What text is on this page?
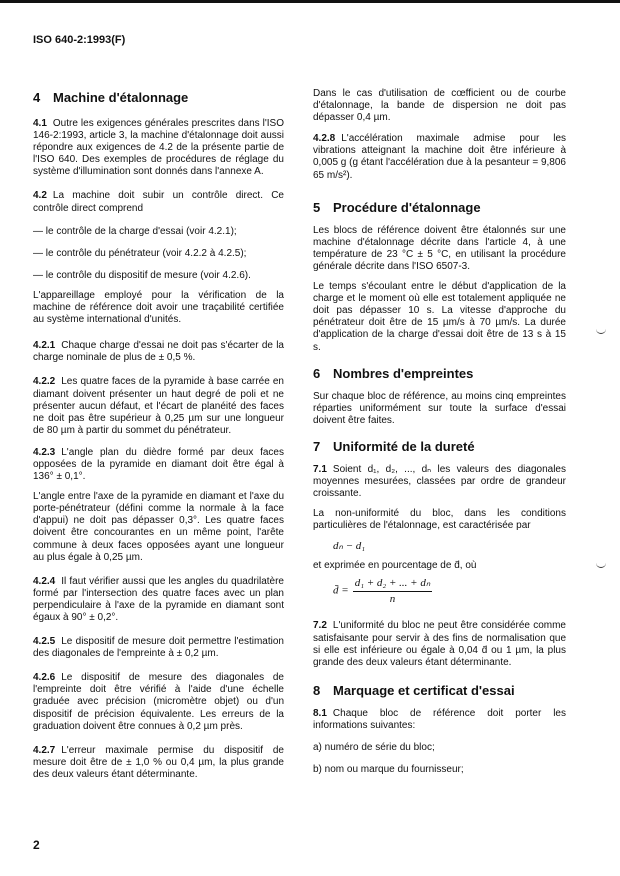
ISO 640-2:1993(F)
4 Machine d'étalonnage
4.1 Outre les exigences générales prescrites dans l'ISO 146-2:1993, article 3, la machine d'étalonnage doit aussi répondre aux exigences de 4.2 de la présente partie de l'ISO 640. Des exemples de procédures de réglage du système d'illumination sont donnés dans l'annexe A.
4.2 La machine doit subir un contrôle direct. Ce contrôle direct comprend
— le contrôle de la charge d'essai (voir 4.2.1);
— le contrôle du pénétrateur (voir 4.2.2 à 4.2.5);
— le contrôle du dispositif de mesure (voir 4.2.6).
L'appareillage employé pour la vérification de la machine de référence doit avoir une traçabilité certifiée au système international d'unités.
4.2.1 Chaque charge d'essai ne doit pas s'écarter de la charge nominale de plus de ± 0,5 %.
4.2.2 Les quatre faces de la pyramide à base carrée en diamant doivent présenter un haut degré de poli et ne présenter aucun défaut, et l'écart de planéité des faces ne doit pas être supérieur à 0,25 µm sur une longueur de 80 µm à partir du sommet du pénétrateur.
4.2.3 L'angle plan du dièdre formé par deux faces opposées de la pyramide en diamant doit être égal à 136° ± 0,1°.
L'angle entre l'axe de la pyramide en diamant et l'axe du porte-pénétrateur (défini comme la normale à la face d'appui) ne doit pas dépasser 0,3°. Les quatre faces doivent être concourantes en un même point, l'arête commune à deux faces opposées ayant une longueur au plus égale à 0,25 µm.
4.2.4 Il faut vérifier aussi que les angles du quadrilatère formé par l'intersection des quatre faces avec un plan perpendiculaire à l'axe de la pyramide en diamant sont égaux à 90° ± 0,2°.
4.2.5 Le dispositif de mesure doit permettre l'estimation des diagonales de l'empreinte à ± 0,2 µm.
4.2.6 Le dispositif de mesure des diagonales de l'empreinte doit être vérifié à l'aide d'une échelle graduée avec précision (micromètre objet) ou d'un dispositif de précision équivalente. Les erreurs de la graduation doivent être connues à 0,2 µm près.
4.2.7 L'erreur maximale permise du dispositif de mesure doit être de ± 1,0 % ou 0,4 µm, la plus grande des deux valeurs étant déterminante.
2
Dans le cas d'utilisation de cœfficient ou de courbe d'étalonnage, la bande de dispersion ne doit pas dépasser 0,4 µm.
4.2.8 L'accélération maximale admise pour les vibrations atteignant la machine doit être inférieure à 0,005 g (g étant l'accélération due à la pesanteur = 9,806 65 m/s²).
5 Procédure d'étalonnage
Les blocs de référence doivent être étalonnés sur une machine d'étalonnage décrite dans l'article 4, à une température de 23 °C ± 5 °C, en utilisant la procédure générale décrite dans l'ISO 6507-3.
Le temps s'écoulant entre le début d'application de la charge et le moment où elle est totalement appliquée ne doit pas dépasser 10 s. La vitesse d'approche du pénétrateur doit être de 15 µm/s à 70 µm/s. La durée d'application de la charge d'essai doit être de 13 s à 15 s.
6 Nombres d'empreintes
Sur chaque bloc de référence, au moins cinq empreintes réparties uniformément sur toute la surface d'essai doivent être faites.
7 Uniformité de la dureté
7.1 Soient d₁, d₂, ..., dₙ les valeurs des diagonales moyennes mesurées, classées par ordre de grandeur croissante.
La non-uniformité du bloc, dans les conditions particulières de l'étalonnage, est caractérisée par
dₙ − d₁
et exprimée en pourcentage de d̄, où
d̄ = $\frac{\text{d₁ + d₂ + ... + dₙ}}{n}$
7.2 L'uniformité du bloc ne peut être considérée comme satisfaisante pour servir à des fins de normalisation que si elle est inférieure ou égale à 0,04 d̄ ou 1 µm, la plus grande des deux valeurs étant déterminante.
8 Marquage et certificat d'essai
8.1 Chaque bloc de référence doit porter les informations suivantes:
a) numéro de série du bloc;
b) nom ou marque du fournisseur;
